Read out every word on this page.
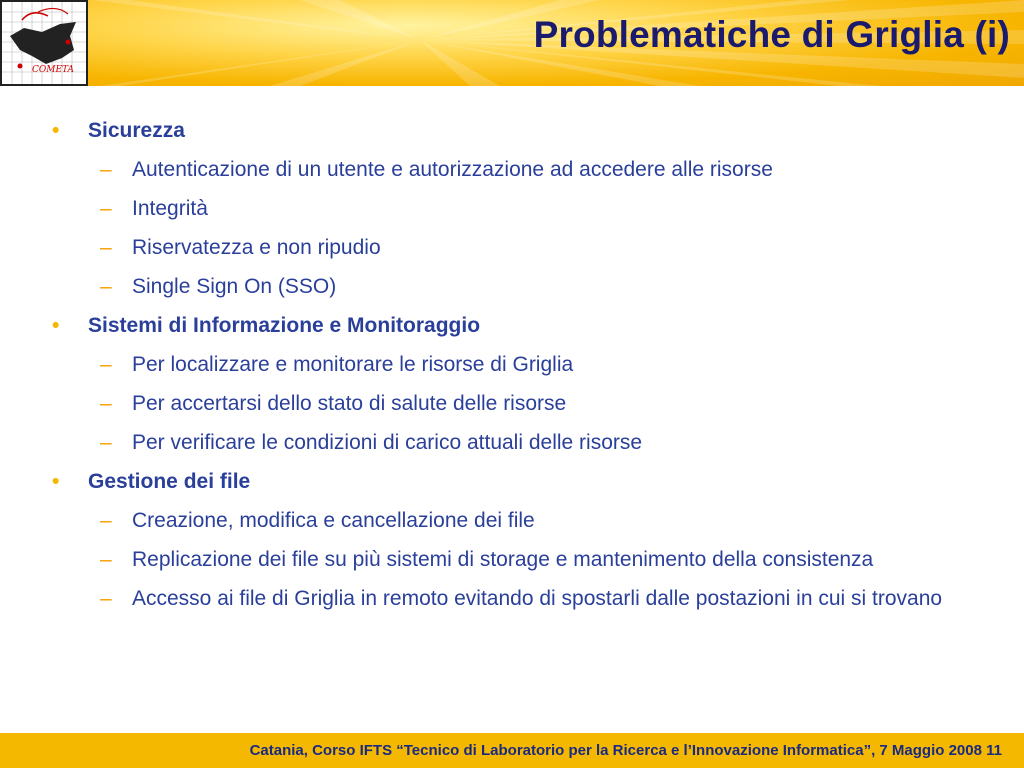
COMETA
Problematiche di Griglia (i)
• Sicurezza
– Autenticazione di un utente e autorizzazione ad accedere alle risorse
– Integrità
– Riservatezza e non ripudio
– Single Sign On (SSO)
• Sistemi di Informazione e Monitoraggio
– Per localizzare e monitorare le risorse di Griglia
– Per accertarsi dello stato di salute delle risorse
– Per verificare le condizioni di carico attuali delle risorse
• Gestione dei file
– Creazione, modifica e cancellazione dei file
– Replicazione dei file su più sistemi di storage e mantenimento della consistenza
– Accesso ai file di Griglia in remoto evitando di spostarli dalle postazioni in cui si trovano
Catania, Corso IFTS “Tecnico di Laboratorio per la Ricerca e l’Innovazione Informatica”, 7 Maggio 2008 11
